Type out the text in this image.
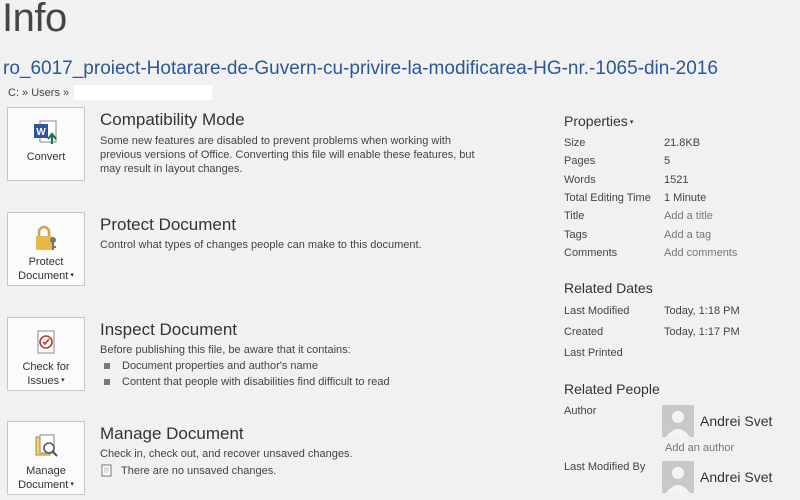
Info
ro_6017_proiect-Hotarare-de-Guvern-cu-privire-la-modificarea-HG-nr.-1065-din-2016
C: » Users »
W
Convert
Compatibility Mode
Some new features are disabled to prevent problems when working with previous versions of Office. Converting this file will enable these features, but may result in layout changes.
Protect
Document ▾
Protect Document
Control what types of changes people can make to this document.
Check for
Issues ▾
Inspect Document
Before publishing this file, be aware that it contains:
Document properties and author's name
Content that people with disabilities find difficult to read
Manage
Document ▾
Manage Document
Check in, check out, and recover unsaved changes.
There are no unsaved changes.
Properties ▾
Size	21.8KB
Pages	5
Words	1521
Total Editing Time 1 Minute
Title	Add a title
Tags	Add a tag
Comments	Add comments
Related Dates
Last Modified	Today, 1:18 PM
Created	Today, 1:17 PM
Last Printed
Related People
Author
Andrei Svet
Add an author
Last Modified By
Andrei Svet
